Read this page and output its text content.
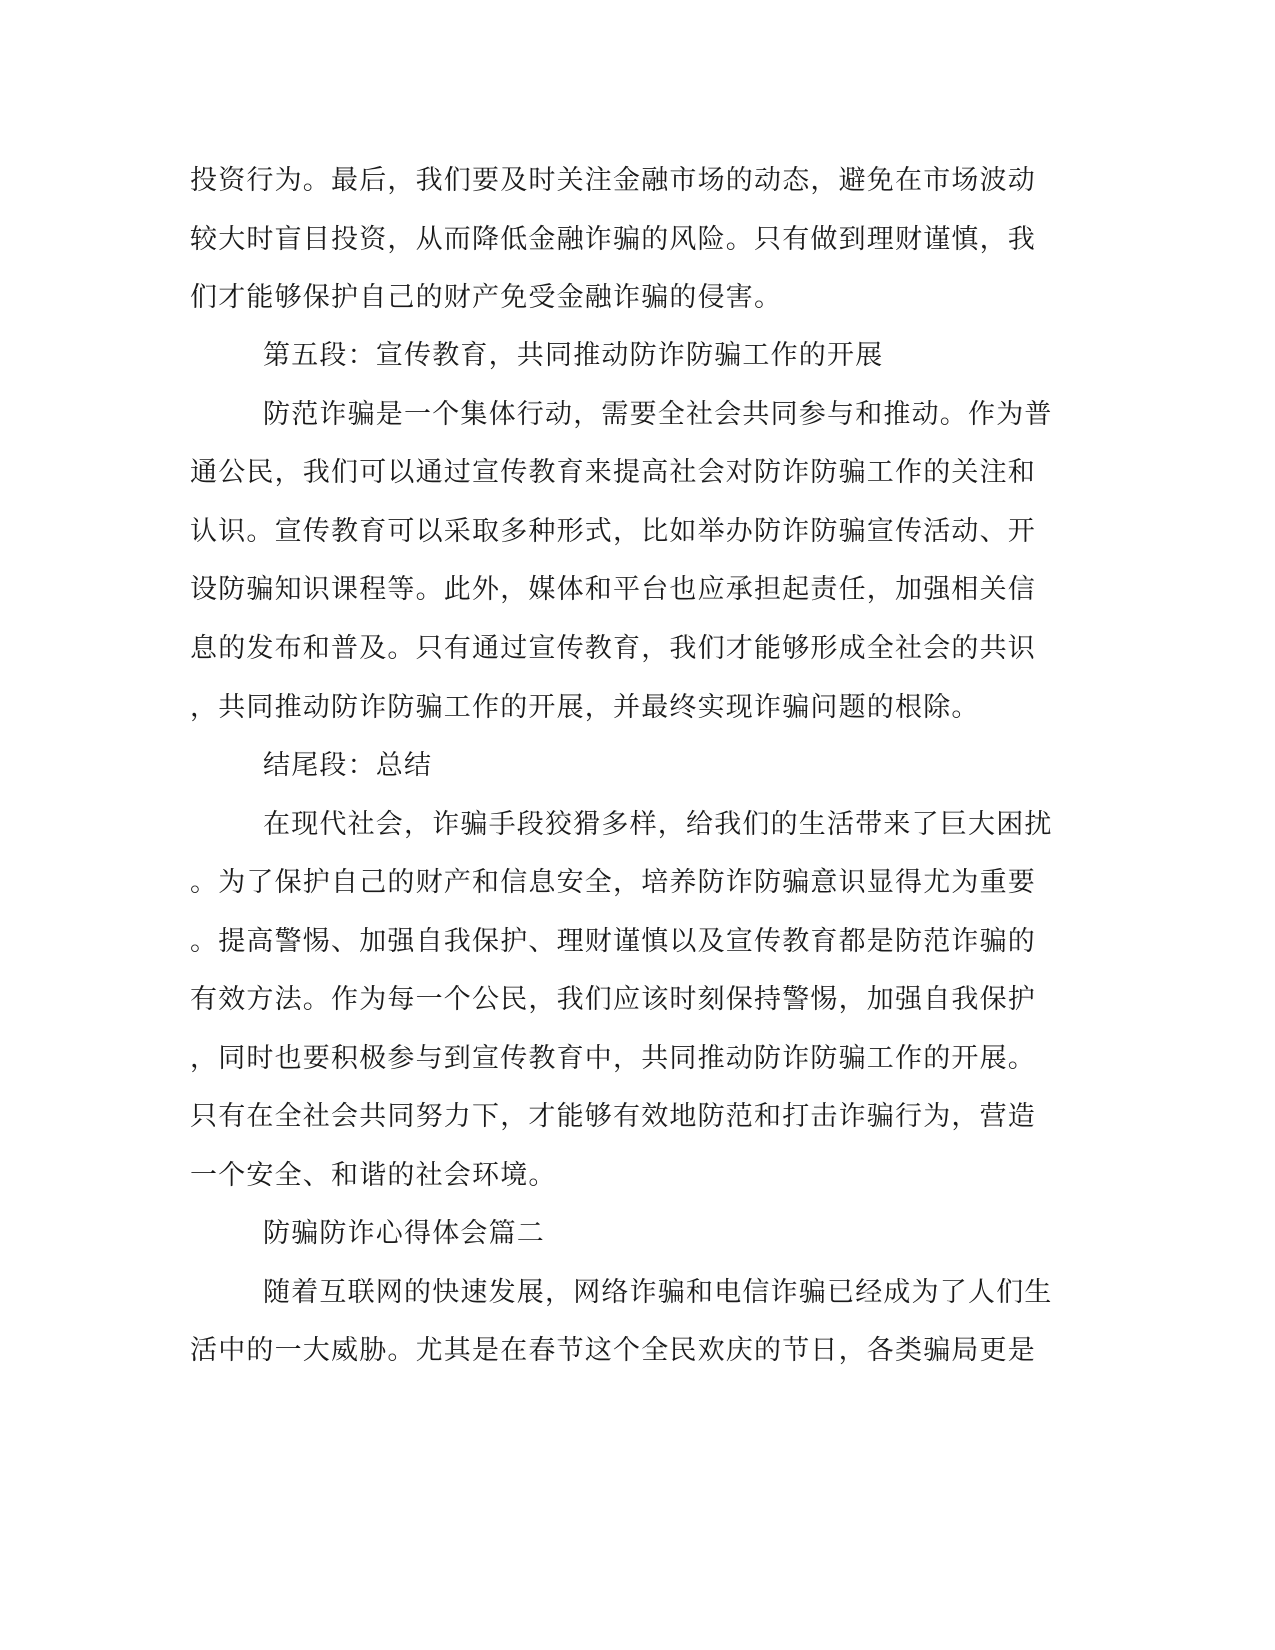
投资行为。最后，我们要及时关注金融市场的动态，避免在市场波动
较大时盲目投资，从而降低金融诈骗的风险。只有做到理财谨慎，我
们才能够保护自己的财产免受金融诈骗的侵害。
第五段：宣传教育，共同推动防诈防骗工作的开展
防范诈骗是一个集体行动，需要全社会共同参与和推动。作为普
通公民，我们可以通过宣传教育来提高社会对防诈防骗工作的关注和
认识。宣传教育可以采取多种形式，比如举办防诈防骗宣传活动、开
设防骗知识课程等。此外，媒体和平台也应承担起责任，加强相关信
息的发布和普及。只有通过宣传教育，我们才能够形成全社会的共识
，共同推动防诈防骗工作的开展，并最终实现诈骗问题的根除。
结尾段：总结
在现代社会，诈骗手段狡猾多样，给我们的生活带来了巨大困扰
。为了保护自己的财产和信息安全，培养防诈防骗意识显得尤为重要
。提高警惕、加强自我保护、理财谨慎以及宣传教育都是防范诈骗的
有效方法。作为每一个公民，我们应该时刻保持警惕，加强自我保护
，同时也要积极参与到宣传教育中，共同推动防诈防骗工作的开展。
只有在全社会共同努力下，才能够有效地防范和打击诈骗行为，营造
一个安全、和谐的社会环境。
防骗防诈心得体会篇二
随着互联网的快速发展，网络诈骗和电信诈骗已经成为了人们生
活中的一大威胁。尤其是在春节这个全民欢庆的节日，各类骗局更是
